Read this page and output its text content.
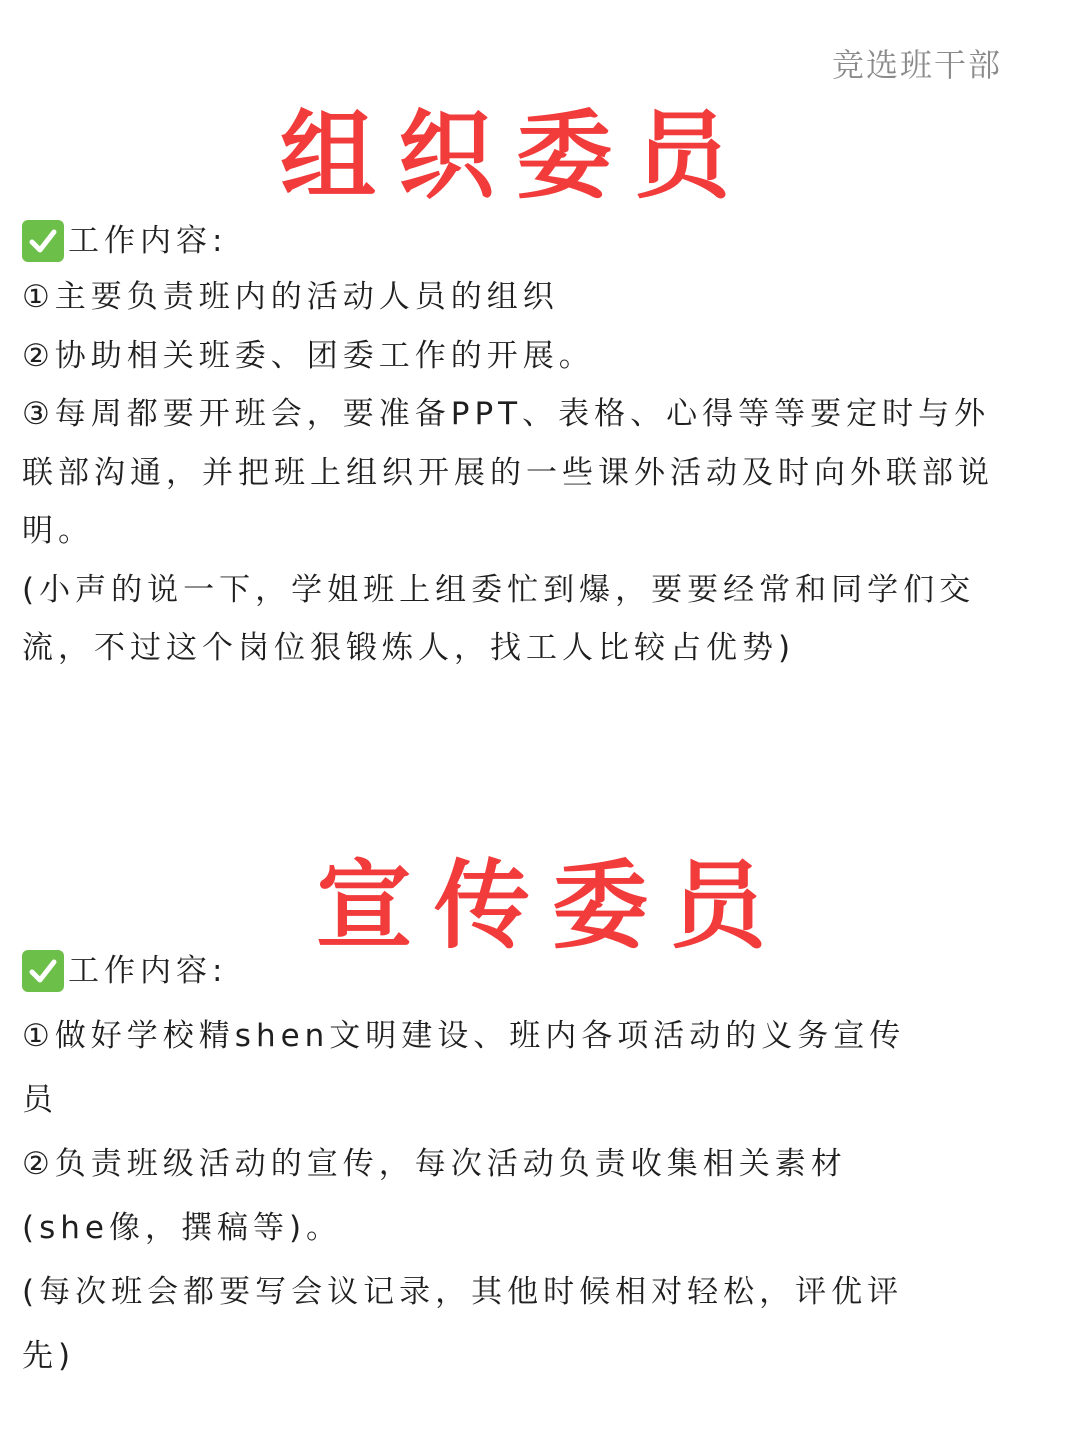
竞选班干部
组织委员
工作内容:

①主要负责班内的活动人员的组织

②协助相关班委、团委工作的开展。

③每周都要开班会，要准备PPT、表格、心得等等要定时与外

联部沟通，并把班上组织开展的一些课外活动及时向外联部说

明。

(小声的说一下，学姐班上组委忙到爆，要要经常和同学们交

流，不过这个岗位狠锻炼人，找工人比较占优势)

宣传委员
工作内容:

①做好学校精shen文明建设、班内各项活动的义务宣传

员

②负责班级活动的宣传，每次活动负责收集相关素材

(she像，撰稿等)。

(每次班会都要写会议记录，其他时候相对轻松，评优评

先)
